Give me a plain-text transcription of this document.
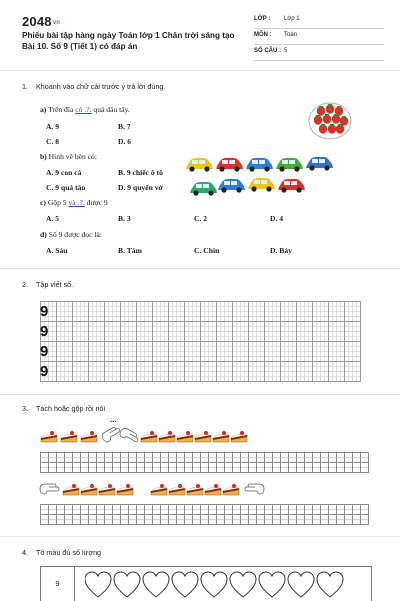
2048vn
Phiếu bài tập hàng ngày Toán lớp 1 Chân trời sáng tạo Bài 10. Số 9 (Tiết 1) có đáp án
LỚP : Lớp 1
MÔN : Toán
SỐ CÂU : 5
1. Khoanh vào chữ cái trước ý trả lời đúng.
a) Trên đĩa có .?. quả dâu tây.
A. 9	B. 7
C. 8	D. 6
b) Hình vẽ bên có:
A. 9 con cá	B. 9 chiếc ô tô
C. 9 quả táo	D. 9 quyển vở
c) Gộp 5 và .?. được 9
A. 5	B. 3	C. 2	D. 4
d) Số 9 được đọc là:
A. Sáu	B. Tám	C. Chín	D. Bảy
2. Tập viết số.
9
9
9
9
3. Tách hoặc gộp rồi nói
...
4. Tô màu đủ số lượng
9
